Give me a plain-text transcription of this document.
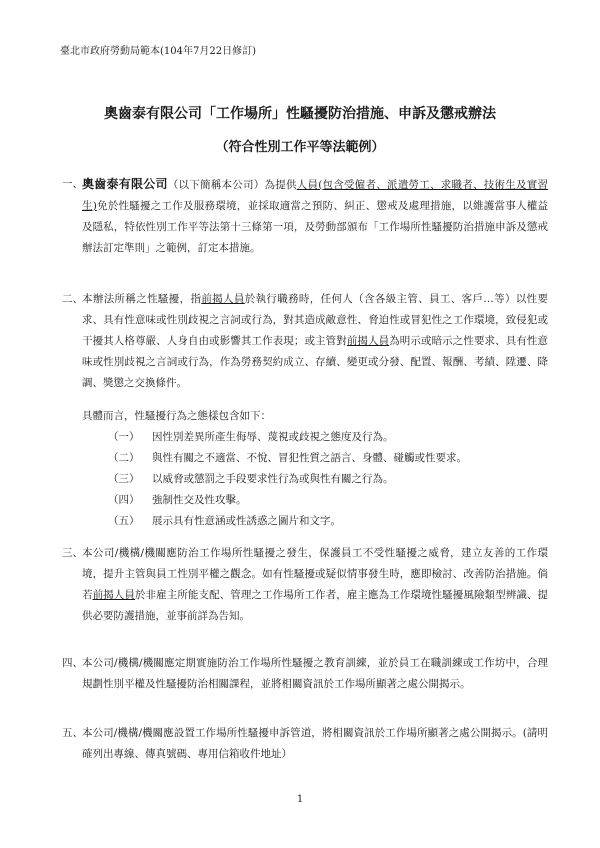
臺北市政府勞動局範本(104年7月22日修訂)
奧齒泰有限公司「工作場所」性騷擾防治措施、申訴及懲戒辦法
（符合性別工作平等法範例）
一、 奧齒泰有限公司（以下簡稱本公司）為提供人員(包含受僱者、派遣勞工、求職者、技術生及實習生)免於性騷擾之工作及服務環境，並採取適當之預防、糾正、懲戒及處理措施，以維護當事人權益及隱私，特依性別工作平等法第十三條第一項，及勞動部頒布「工作場所性騷擾防治措施申訴及懲戒辦法訂定準則」之範例，訂定本措施。
二、 本辦法所稱之性騷擾，指前揭人員於執行職務時，任何人（含各級主管、員工、客戶…等）以性要求、具有性意味或性別歧視之言詞或行為，對其造成敵意性、脅迫性或冒犯性之工作環境，致侵犯或干擾其人格尊嚴、人身自由或影響其工作表現；或主管對前揭人員為明示或暗示之性要求、具有性意味或性別歧視之言詞或行為，作為勞務契約成立、存續、變更或分發、配置、報酬、考績、陞遷、降調、獎懲之交換條件。
具體而言，性騷擾行為之態樣包含如下：
（一）	因性別差異所產生侮辱、蔑視或歧視之態度及行為。
（二）	與性有關之不適當、不悅、冒犯性質之語言、身體、碰觸或性要求。
（三）	以威脅或懲罰之手段要求性行為或與性有關之行為。
（四）	強制性交及性攻擊。
（五）	展示具有性意涵或性誘惑之圖片和文字。
三、 本公司/機構/機關應防治工作場所性騷擾之發生，保護員工不受性騷擾之威脅，建立友善的工作環境，提升主管與員工性別平權之觀念。如有性騷擾或疑似情事發生時，應即檢討、改善防治措施。倘若前揭人員於非雇主所能支配、管理之工作場所工作者，雇主應為工作環境性騷擾風險類型辨識、提供必要防護措施，並事前詳為告知。
四、 本公司/機構/機關應定期實施防治工作場所性騷擾之教育訓練，並於員工在職訓練或工作坊中，合理規劃性別平權及性騷擾防治相關課程，並將相關資訊於工作場所顯著之處公開揭示。
五、 本公司/機構/機關應設置工作場所性騷擾申訴管道，將相關資訊於工作場所顯著之處公開揭示。(請明確列出專線、傳真號碼、專用信箱收件地址）
1
